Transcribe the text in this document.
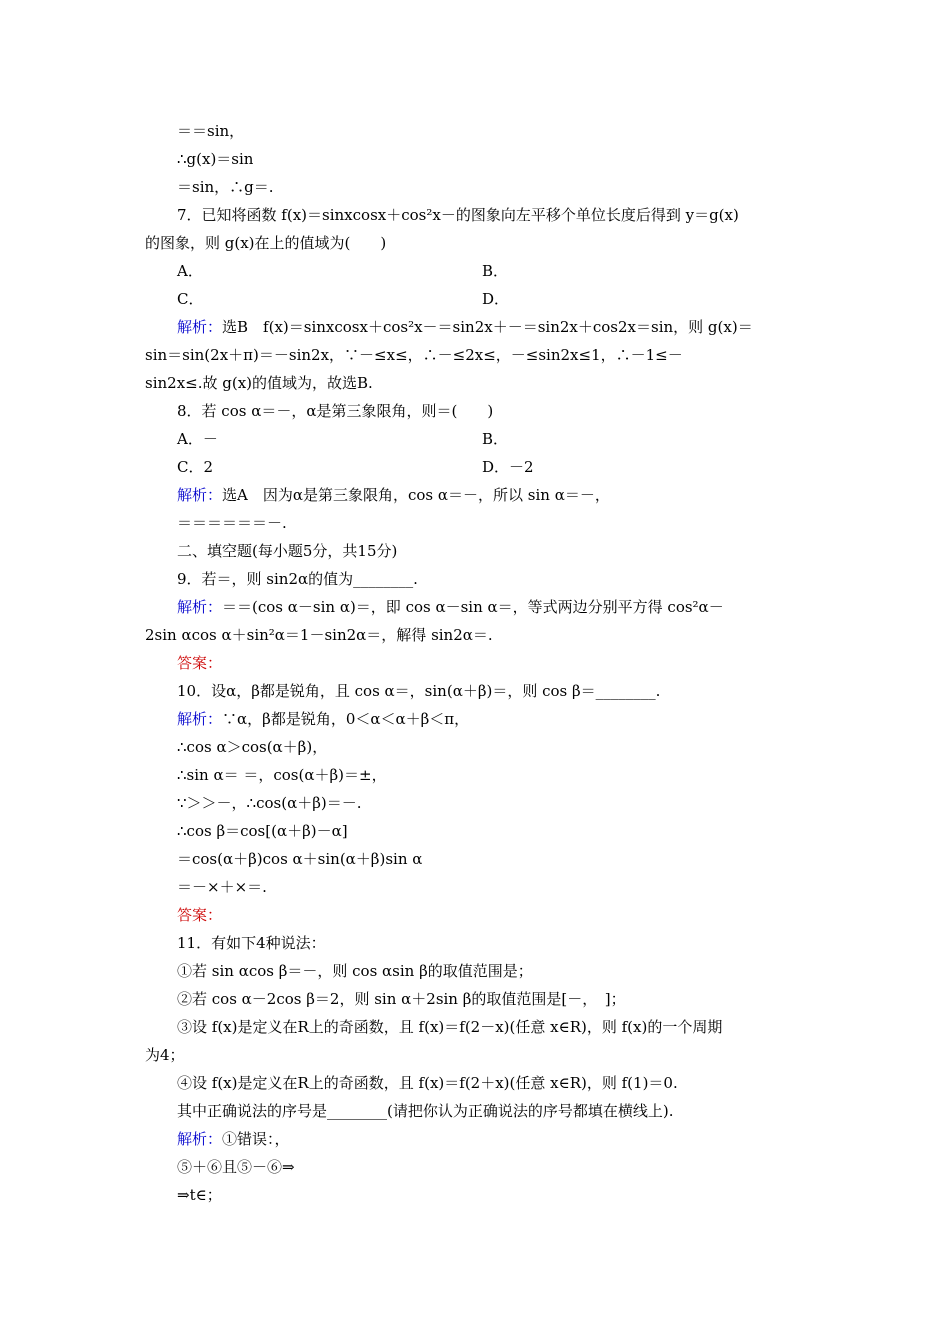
＝＝sin，
∴g(x)＝sin
＝sin，∴g＝.
7．已知将函数 f(x)＝sinxcosx＋cos²x－的图象向左平移个单位长度后得到 y＝g(x)
的图象，则 g(x)在上的值域为(　　)
A．	B．
C．	D．
解析：选B　f(x)＝sinxcosx＋cos²x－＝sin2x＋－＝sin2x＋cos2x＝sin，则 g(x)＝
sin＝sin(2x＋π)＝－sin2x，∵－≤x≤，∴－≤2x≤，－≤sin2x≤1，∴－1≤－
sin2x≤.故 g(x)的值域为，故选B.
8．若 cos α＝－，α是第三象限角，则＝(　　)
A．－	B．
C．2	D．－2
解析：选A　因为α是第三象限角，cos α＝－，所以 sin α＝－，
＝＝＝＝＝＝－.
二、填空题(每小题5分，共15分)
9．若＝，则 sin2α的值为________.
解析：＝＝(cos α－sin α)＝，即 cos α－sin α＝，等式两边分别平方得 cos²α－
2sin αcos α＋sin²α＝1－sin2α＝，解得 sin2α＝.
答案：
10．设α，β都是锐角，且 cos α＝，sin(α＋β)＝，则 cos β＝________.
解析：∵α，β都是锐角，0＜α＜α＋β＜π，
∴cos α＞cos(α＋β)，
∴sin α＝ ＝，cos(α＋β)＝±，
∵＞＞－，∴cos(α＋β)＝－.
∴cos β＝cos[(α＋β)－α]
＝cos(α＋β)cos α＋sin(α＋β)sin α
＝－×＋×＝.
答案：
11．有如下4种说法：
①若 sin αcos β＝－，则 cos αsin β的取值范围是；
②若 cos α－2cos β＝2，则 sin α＋2sin β的取值范围是[－，　]；
③设 f(x)是定义在R上的奇函数，且 f(x)＝f(2－x)(任意 x∈R)，则 f(x)的一个周期
为4；
④设 f(x)是定义在R上的奇函数，且 f(x)＝f(2＋x)(任意 x∈R)，则 f(1)＝0.
其中正确说法的序号是________(请把你认为正确说法的序号都填在横线上).
解析：①错误：，
⑤＋⑥且⑤－⑥⇒
⇒t∈；
